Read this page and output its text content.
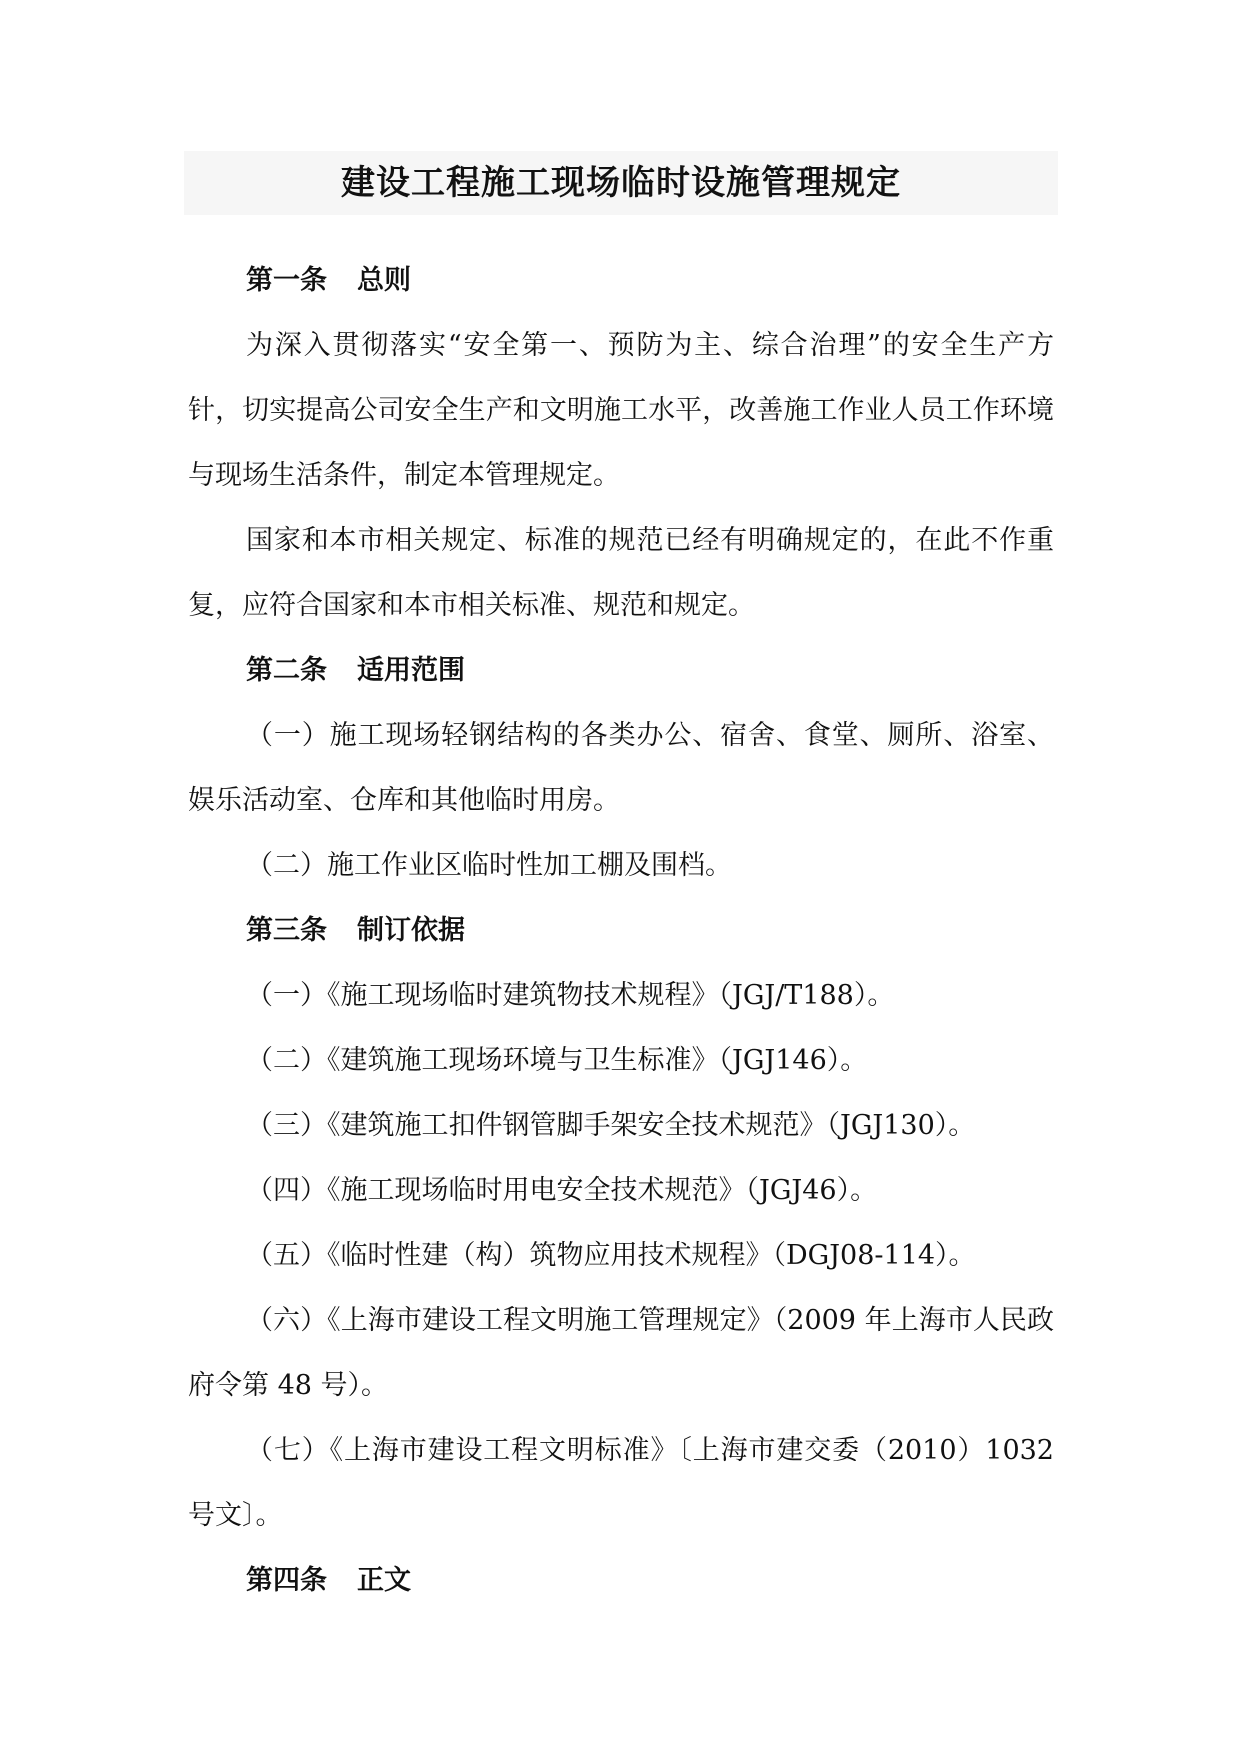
建设工程施工现场临时设施管理规定

第一条 总则

为深入贯彻落实“安全第一、预防为主、综合治理”的安全生产方针，切实提高公司安全生产和文明施工水平，改善施工作业人员工作环境与现场生活条件，制定本管理规定。

国家和本市相关规定、标准的规范已经有明确规定的，在此不作重复，应符合国家和本市相关标准、规范和规定。

第二条 适用范围

（一）施工现场轻钢结构的各类办公、宿舍、食堂、厕所、浴室、娱乐活动室、仓库和其他临时用房。

（二）施工作业区临时性加工棚及围档。

第三条 制订依据

（一）《施工现场临时建筑物技术规程》（JGJ/T188）。

（二）《建筑施工现场环境与卫生标准》（JGJ146）。

（三）《建筑施工扣件钢管脚手架安全技术规范》（JGJ130）。

（四）《施工现场临时用电安全技术规范》（JGJ46）。

（五）《临时性建（构）筑物应用技术规程》（DGJ08-114）。

（六）《上海市建设工程文明施工管理规定》（2009 年上海市人民政府令第 48 号）。

（七）《上海市建设工程文明标准》〔上海市建交委（2010）1032 号文〕。

第四条 正文
